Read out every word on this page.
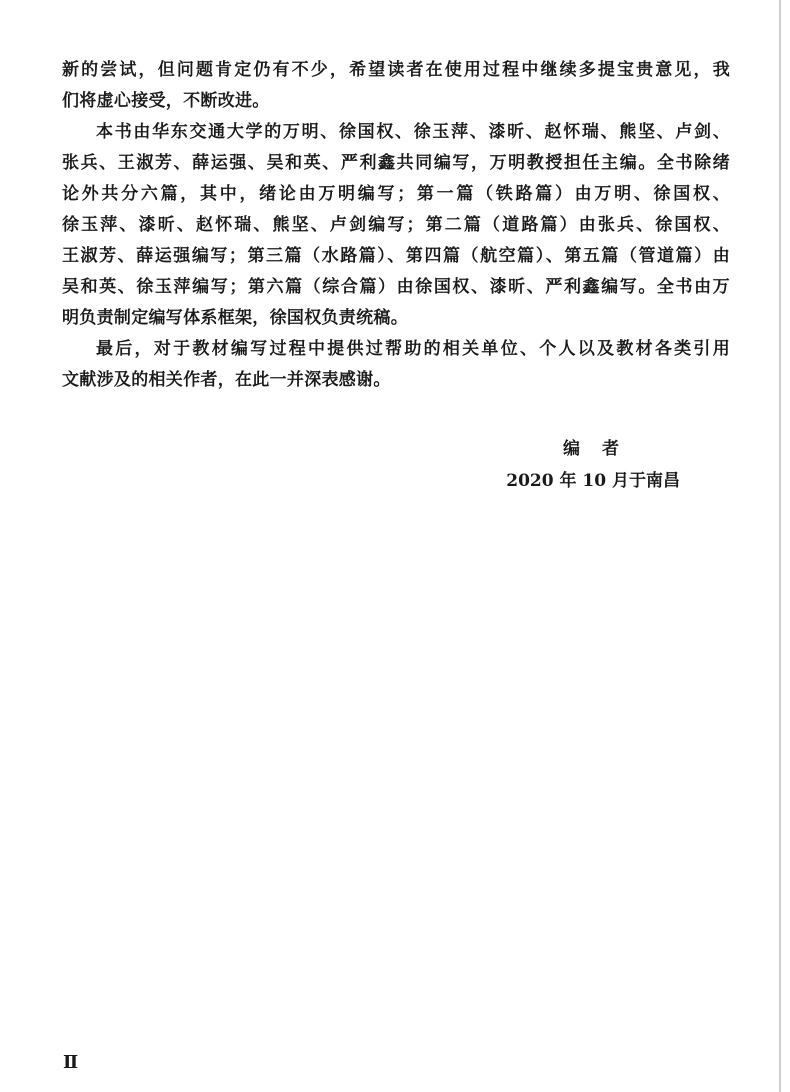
新的尝试，但问题肯定仍有不少，希望读者在使用过程中继续多提宝贵意见，我
们将虚心接受，不断改进。
本书由华东交通大学的万明、徐国权、徐玉萍、漆昕、赵怀瑞、熊坚、卢剑、
张兵、王淑芳、薛运强、吴和英、严利鑫共同编写，万明教授担任主编。全书除绪
论外共分六篇，其中，绪论由万明编写；第一篇（铁路篇）由万明、徐国权、
徐玉萍、漆昕、赵怀瑞、熊坚、卢剑编写；第二篇（道路篇）由张兵、徐国权、
王淑芳、薛运强编写；第三篇（水路篇）、第四篇（航空篇）、第五篇（管道篇）由
吴和英、徐玉萍编写；第六篇（综合篇）由徐国权、漆昕、严利鑫编写。全书由万
明负责制定编写体系框架，徐国权负责统稿。
最后，对于教材编写过程中提供过帮助的相关单位、个人以及教材各类引用
文献涉及的相关作者，在此一并深表感谢。
编 者
2020 年 10 月于南昌
Ⅱ
